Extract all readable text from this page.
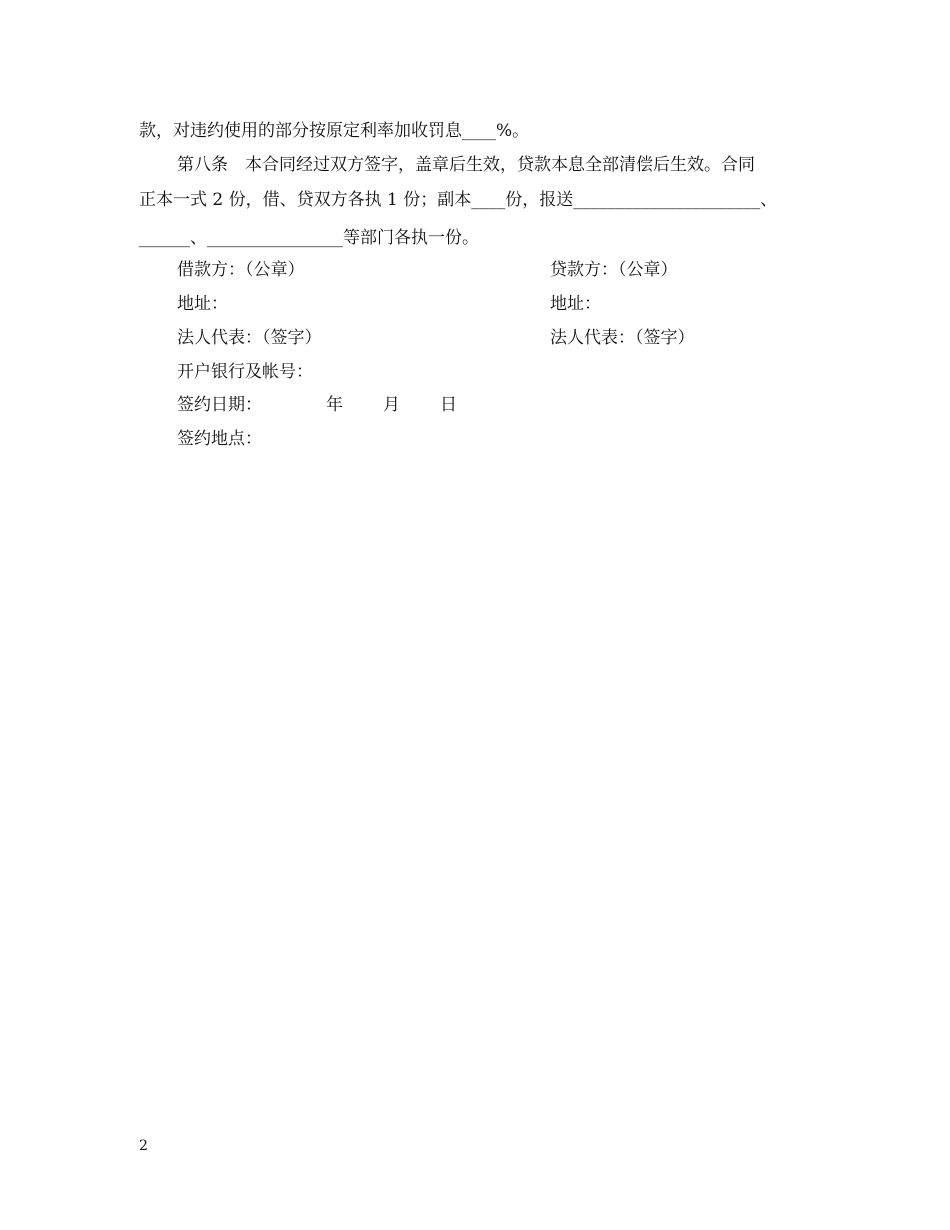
款，对违约使用的部分按原定利率加收罚息____%。
第八条　本合同经过双方签字，盖章后生效，贷款本息全部清偿后生效。合同
正本一式 2 份，借、贷双方各执 1 份；副本____份，报送______________________、
______、________________等部门各执一份。
借款方：（公章）	贷款方：（公章）
地址：	地址：
法人代表：（签字）	法人代表：（签字）
开户银行及帐号：
签约日期：	年 月 日
签约地点：
2
